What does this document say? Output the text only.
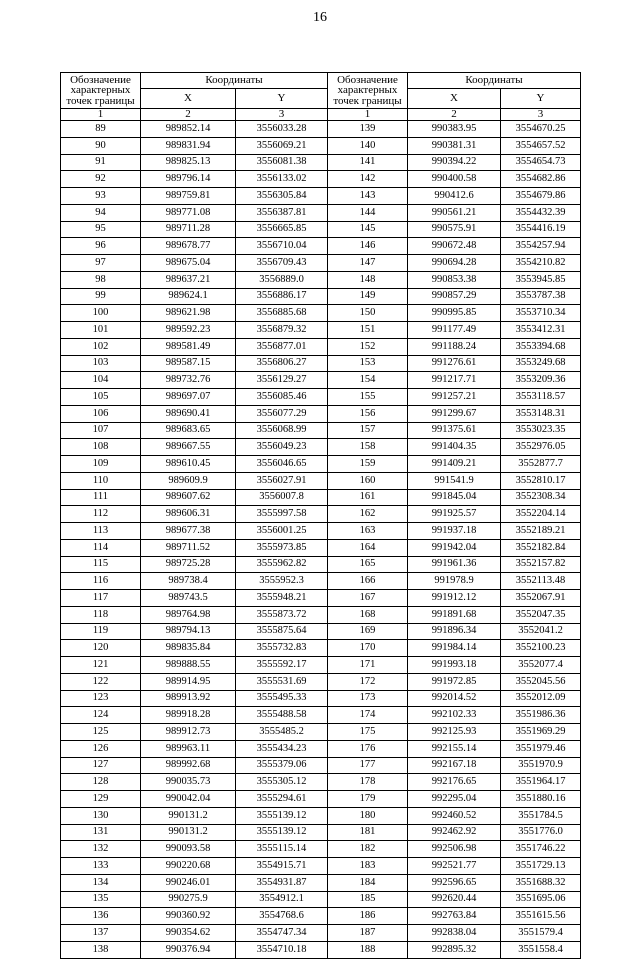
16
Обозначение характерных точек границы	Координаты		Обозначение характерных точек границы	Координаты	
	X	Y		X	Y
1	2	3	1	2	3
89	989852.14	3556033.28	139	990383.95	3554670.25
90	989831.94	3556069.21	140	990381.31	3554657.52
91	989825.13	3556081.38	141	990394.22	3554654.73
92	989796.14	3556133.02	142	990400.58	3554682.86
93	989759.81	3556305.84	143	990412.6	3554679.86
94	989771.08	3556387.81	144	990561.21	3554432.39
95	989711.28	3556665.85	145	990575.91	3554416.19
96	989678.77	3556710.04	146	990672.48	3554257.94
97	989675.04	3556709.43	147	990694.28	3554210.82
98	989637.21	3556889.0	148	990853.38	3553945.85
99	989624.1	3556886.17	149	990857.29	3553787.38
100	989621.98	3556885.68	150	990995.85	3553710.34
101	989592.23	3556879.32	151	991177.49	3553412.31
102	989581.49	3556877.01	152	991188.24	3553394.68
103	989587.15	3556806.27	153	991276.61	3553249.68
104	989732.76	3556129.27	154	991217.71	3553209.36
105	989697.07	3556085.46	155	991257.21	3553118.57
106	989690.41	3556077.29	156	991299.67	3553148.31
107	989683.65	3556068.99	157	991375.61	3553023.35
108	989667.55	3556049.23	158	991404.35	3552976.05
109	989610.45	3556046.65	159	991409.21	3552877.7
110	989609.9	3556027.91	160	991541.9	3552810.17
111	989607.62	3556007.8	161	991845.04	3552308.34
112	989606.31	3555997.58	162	991925.57	3552204.14
113	989677.38	3556001.25	163	991937.18	3552189.21
114	989711.52	3555973.85	164	991942.04	3552182.84
115	989725.28	3555962.82	165	991961.36	3552157.82
116	989738.4	3555952.3	166	991978.9	3552113.48
117	989743.5	3555948.21	167	991912.12	3552067.91
118	989764.98	3555873.72	168	991891.68	3552047.35
119	989794.13	3555875.64	169	991896.34	3552041.2
120	989835.84	3555732.83	170	991984.14	3552100.23
121	989888.55	3555592.17	171	991993.18	3552077.4
122	989914.95	3555531.69	172	991972.85	3552045.56
123	989913.92	3555495.33	173	992014.52	3552012.09
124	989918.28	3555488.58	174	992102.33	3551986.36
125	989912.73	3555485.2	175	992125.93	3551969.29
126	989963.11	3555434.23	176	992155.14	3551979.46
127	989992.68	3555379.06	177	992167.18	3551970.9
128	990035.73	3555305.12	178	992176.65	3551964.17
129	990042.04	3555294.61	179	992295.04	3551880.16
130	990131.2	3555139.12	180	992460.52	3551784.5
131	990131.2	3555139.12	181	992462.92	3551776.0
132	990093.58	3555115.14	182	992506.98	3551746.22
133	990220.68	3554915.71	183	992521.77	3551729.13
134	990246.01	3554931.87	184	992596.65	3551688.32
135	990275.9	3554912.1	185	992620.44	3551695.06
136	990360.92	3554768.6	186	992763.84	3551615.56
137	990354.62	3554747.34	187	992838.04	3551579.4
138	990376.94	3554710.18	188	992895.32	3551558.4
